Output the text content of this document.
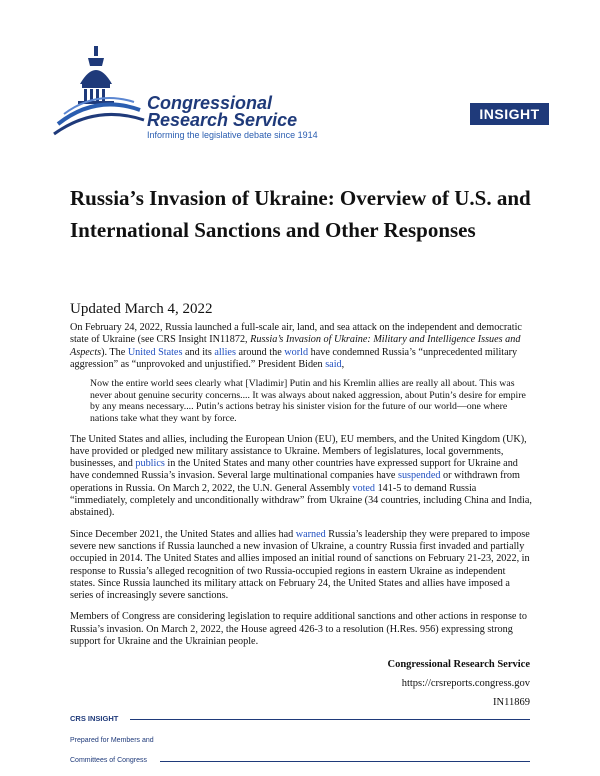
Congressional
Research Service
Informing the legislative debate since 1914
INSIGHT
Russia’s Invasion of Ukraine: Overview of U.S. and International Sanctions and Other Responses
Updated March 4, 2022

On February 24, 2022, Russia launched a full-scale air, land, and sea attack on the independent and democratic state of Ukraine (see CRS Insight IN11872, Russia’s Invasion of Ukraine: Military and Intelligence Issues and Aspects). The United States and its allies around the world have condemned Russia’s “unprecedented military aggression” as “unprovoked and unjustified.” President Biden said,

Now the entire world sees clearly what [Vladimir] Putin and his Kremlin allies are really all about. This was never about genuine security concerns.... It was always about naked aggression, about Putin’s desire for empire by any means necessary.... Putin’s actions betray his sinister vision for the future of our world—one where nations take what they want by force.

The United States and allies, including the European Union (EU), EU members, and the United Kingdom (UK), have provided or pledged new military assistance to Ukraine. Members of legislatures, local governments, businesses, and publics in the United States and many other countries have expressed support for Ukraine and have condemned Russia’s invasion. Several large multinational companies have suspended or withdrawn from operations in Russia. On March 2, 2022, the U.N. General Assembly voted 141-5 to demand Russia “immediately, completely and unconditionally withdraw” from Ukraine (34 countries, including China and India, abstained).

Since December 2021, the United States and allies had warned Russia’s leadership they were prepared to impose severe new sanctions if Russia launched a new invasion of Ukraine, a country Russia first invaded and partially occupied in 2014. The United States and allies imposed an initial round of sanctions on February 21-23, 2022, in response to Russia’s alleged recognition of two Russia-occupied regions in eastern Ukraine as independent states. Since Russia launched its military attack on February 24, the United States and allies have imposed a series of increasingly severe sanctions.

Members of Congress are considering legislation to require additional sanctions and other actions in response to Russia’s invasion. On March 2, 2022, the House agreed 426-3 to a resolution (H.Res. 956) expressing strong support for Ukraine and the Ukrainian people.

Congressional Research Service
https://crsreports.congress.gov
IN11869
CRS INSIGHT
Prepared for Members and
Committees of Congress
